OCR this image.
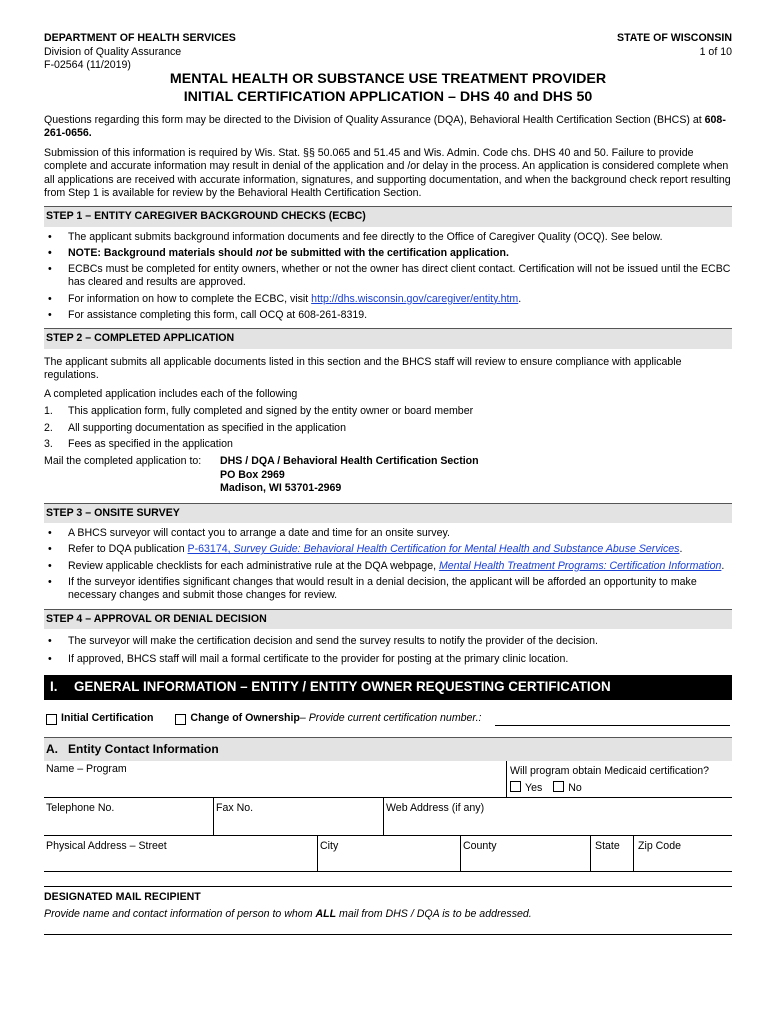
DEPARTMENT OF HEALTH SERVICES
Division of Quality Assurance
F-02564 (11/2019)
STATE OF WISCONSIN
1 of 10
MENTAL HEALTH OR SUBSTANCE USE TREATMENT PROVIDER
INITIAL CERTIFICATION APPLICATION – DHS 40 and DHS 50

Questions regarding this form may be directed to the Division of Quality Assurance (DQA), Behavioral Health Certification Section (BHCS) at 608-261-0656.

Submission of this information is required by Wis. Stat. §§ 50.065 and 51.45 and Wis. Admin. Code chs. DHS 40 and 50. Failure to provide complete and accurate information may result in denial of the application and /or delay in the process. An application is considered complete when all applications are received with accurate information, signatures, and supporting documentation, and when the background check report resulting from Step 1 is available for review by the Behavioral Health Certification Section.

STEP 1 – ENTITY CAREGIVER BACKGROUND CHECKS (ECBC)
• The applicant submits background information documents and fee directly to the Office of Caregiver Quality (OCQ). See below.
• NOTE: Background materials should not be submitted with the certification application.
• ECBCs must be completed for entity owners, whether or not the owner has direct client contact. Certification will not be issued until the ECBC has cleared and results are approved.
• For information on how to complete the ECBC, visit http://dhs.wisconsin.gov/caregiver/entity.htm.
• For assistance completing this form, call OCQ at 608-261-8319.
STEP 2 – COMPLETED APPLICATION

The applicant submits all applicable documents listed in this section and the BHCS staff will review to ensure compliance with applicable regulations.

A completed application includes each of the following

1. This application form, fully completed and signed by the entity owner or board member
2. All supporting documentation as specified in the application
3. Fees as specified in the application
Mail the completed application to:	DHS / DQA / Behavioral Health Certification Section
PO Box 2969
Madison, WI 53701-2969
STEP 3 – ONSITE SURVEY
• A BHCS surveyor will contact you to arrange a date and time for an onsite survey.
• Refer to DQA publication P-63174, Survey Guide: Behavioral Health Certification for Mental Health and Substance Abuse Services.
• Review applicable checklists for each administrative rule at the DQA webpage, Mental Health Treatment Programs: Certification Information.
• If the surveyor identifies significant changes that would result in a denial decision, the applicant will be afforded an opportunity to make necessary changes and submit those changes for review.
STEP 4 – APPROVAL OR DENIAL DECISION
• The surveyor will make the certification decision and send the survey results to notify the provider of the decision.
• If approved, BHCS staff will mail a formal certificate to the provider for posting at the primary clinic location.
I.	GENERAL INFORMATION – ENTITY / ENTITY OWNER REQUESTING CERTIFICATION
Initial Certification	Change of Ownership – Provide current certification number.:
A. Entity Contact Information
Name – Program	Will program obtain Medicaid certification?
Yes No
Telephone No.	Fax No.	Web Address (if any)
Physical Address – Street	City	County	State	Zip Code
DESIGNATED MAIL RECIPIENT
Provide name and contact information of person to whom ALL mail from DHS / DQA is to be addressed.
